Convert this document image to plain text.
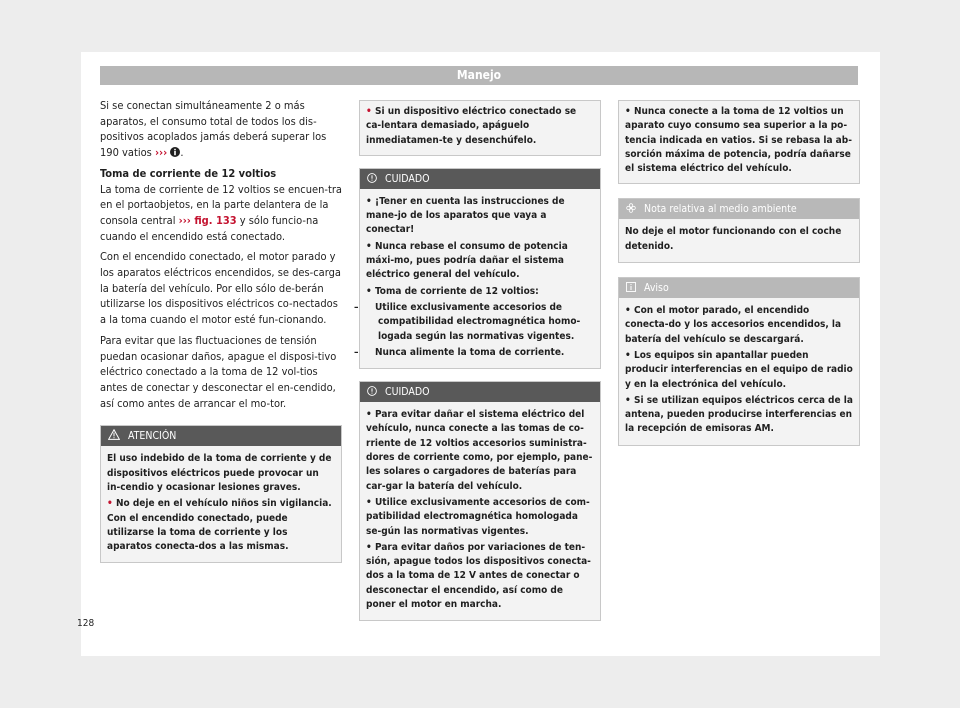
Manejo

Si se conectan simultáneamente 2 o más aparatos, el consumo total de todos los dis-positivos acoplados jamás deberá superar los 190 vatios ››› .

Toma de corriente de 12 voltios

La toma de corriente de 12 voltios se encuen-tra en el portaobjetos, en la parte delantera de la consola central ››› fig. 133 y sólo funcio-na cuando el encendido está conectado.

Con el encendido conectado, el motor parado y los aparatos eléctricos encendidos, se des-carga la batería del vehículo. Por ello sólo de-berán utilizarse los dispositivos eléctricos co-nectados a la toma cuando el motor esté fun-cionando.

Para evitar que las fluctuaciones de tensión puedan ocasionar daños, apague el disposi-tivo eléctrico conectado a la toma de 12 vol-tios antes de conectar y desconectar el en-cendido, así como antes de arrancar el mo-tor.

ATENCIÓN

El uso indebido de la toma de corriente y de dispositivos eléctricos puede provocar un in-cendio y ocasionar lesiones graves.

• No deje en el vehículo niños sin vigilancia. Con el encendido conectado, puede utilizarse la toma de corriente y los aparatos conecta-dos a las mismas.

• Si un dispositivo eléctrico conectado se ca-lentara demasiado, apáguelo inmediatamen-te y desenchúfelo.

CUIDADO

• ¡Tener en cuenta las instrucciones de mane-jo de los aparatos que vaya a conectar!

• Nunca rebase el consumo de potencia máxi-mo, pues podría dañar el sistema eléctrico general del vehículo.

• Toma de corriente de 12 voltios:

– Utilice exclusivamente accesorios de compatibilidad electromagnética homo-logada según las normativas vigentes.

– Nunca alimente la toma de corriente.

CUIDADO

• Para evitar dañar el sistema eléctrico del vehículo, nunca conecte a las tomas de co-rriente de 12 voltios accesorios suministra-dores de corriente como, por ejemplo, pane-les solares o cargadores de baterías para car-gar la batería del vehículo.

• Utilice exclusivamente accesorios de com-patibilidad electromagnética homologada se-gún las normativas vigentes.

• Para evitar daños por variaciones de ten-sión, apague todos los dispositivos conecta-dos a la toma de 12 V antes de conectar o desconectar el encendido, así como de poner el motor en marcha.

• Nunca conecte a la toma de 12 voltios un aparato cuyo consumo sea superior a la po-tencia indicada en vatios. Si se rebasa la ab-sorción máxima de potencia, podría dañarse el sistema eléctrico del vehículo.

Nota relativa al medio ambiente

No deje el motor funcionando con el coche detenido.

Aviso

• Con el motor parado, el encendido conecta-do y los accesorios encendidos, la batería del vehículo se descargará.

• Los equipos sin apantallar pueden producir interferencias en el equipo de radio y en la electrónica del vehículo.

• Si se utilizan equipos eléctricos cerca de la antena, pueden producirse interferencias en la recepción de emisoras AM.

128
